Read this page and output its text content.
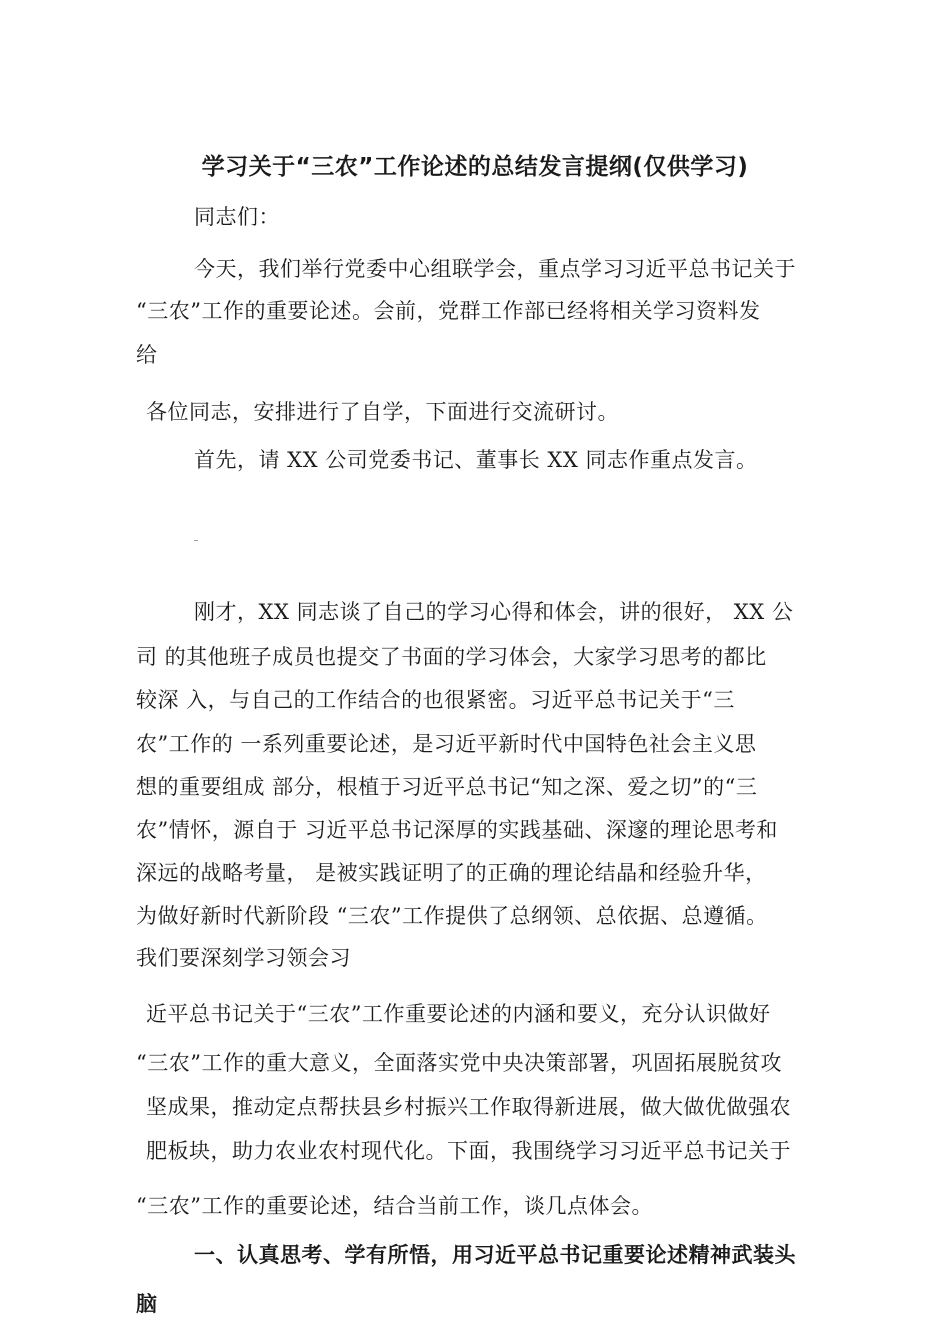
学习关于“三农”工作论述的总结发言提纲(仅供学习)
同志们：
今天，我们举行党委中心组联学会，重点学习习近平总书记关于
“三农”工作的重要论述。会前，党群工作部已经将相关学习资料发
给
各位同志，安排进行了自学，下面进行交流研讨。
首先，请 XX 公司党委书记、董事长 XX 同志作重点发言。
刚才，XX 同志谈了自己的学习心得和体会，讲的很好， XX 公
司 的其他班子成员也提交了书面的学习体会，大家学习思考的都比
较深 入，与自己的工作结合的也很紧密。习近平总书记关于“三
农”工作的 一系列重要论述，是习近平新时代中国特色社会主义思
想的重要组成 部分，根植于习近平总书记“知之深、爱之切”的“三
农”情怀，源自于 习近平总书记深厚的实践基础、深邃的理论思考和
深远的战略考量， 是被实践证明了的正确的理论结晶和经验升华，
为做好新时代新阶段 “三农”工作提供了总纲领、总依据、总遵循。
我们要深刻学习领会习
近平总书记关于“三农”工作重要论述的内涵和要义，充分认识做好
“三农”工作的重大意义，全面落实党中央决策部署，巩固拓展脱贫攻
坚成果，推动定点帮扶县乡村振兴工作取得新进展，做大做优做强农
肥板块，助力农业农村现代化。下面，我围绕学习习近平总书记关于
“三农”工作的重要论述，结合当前工作，谈几点体会。
一、认真思考、学有所悟，用习近平总书记重要论述精神武装头
脑
